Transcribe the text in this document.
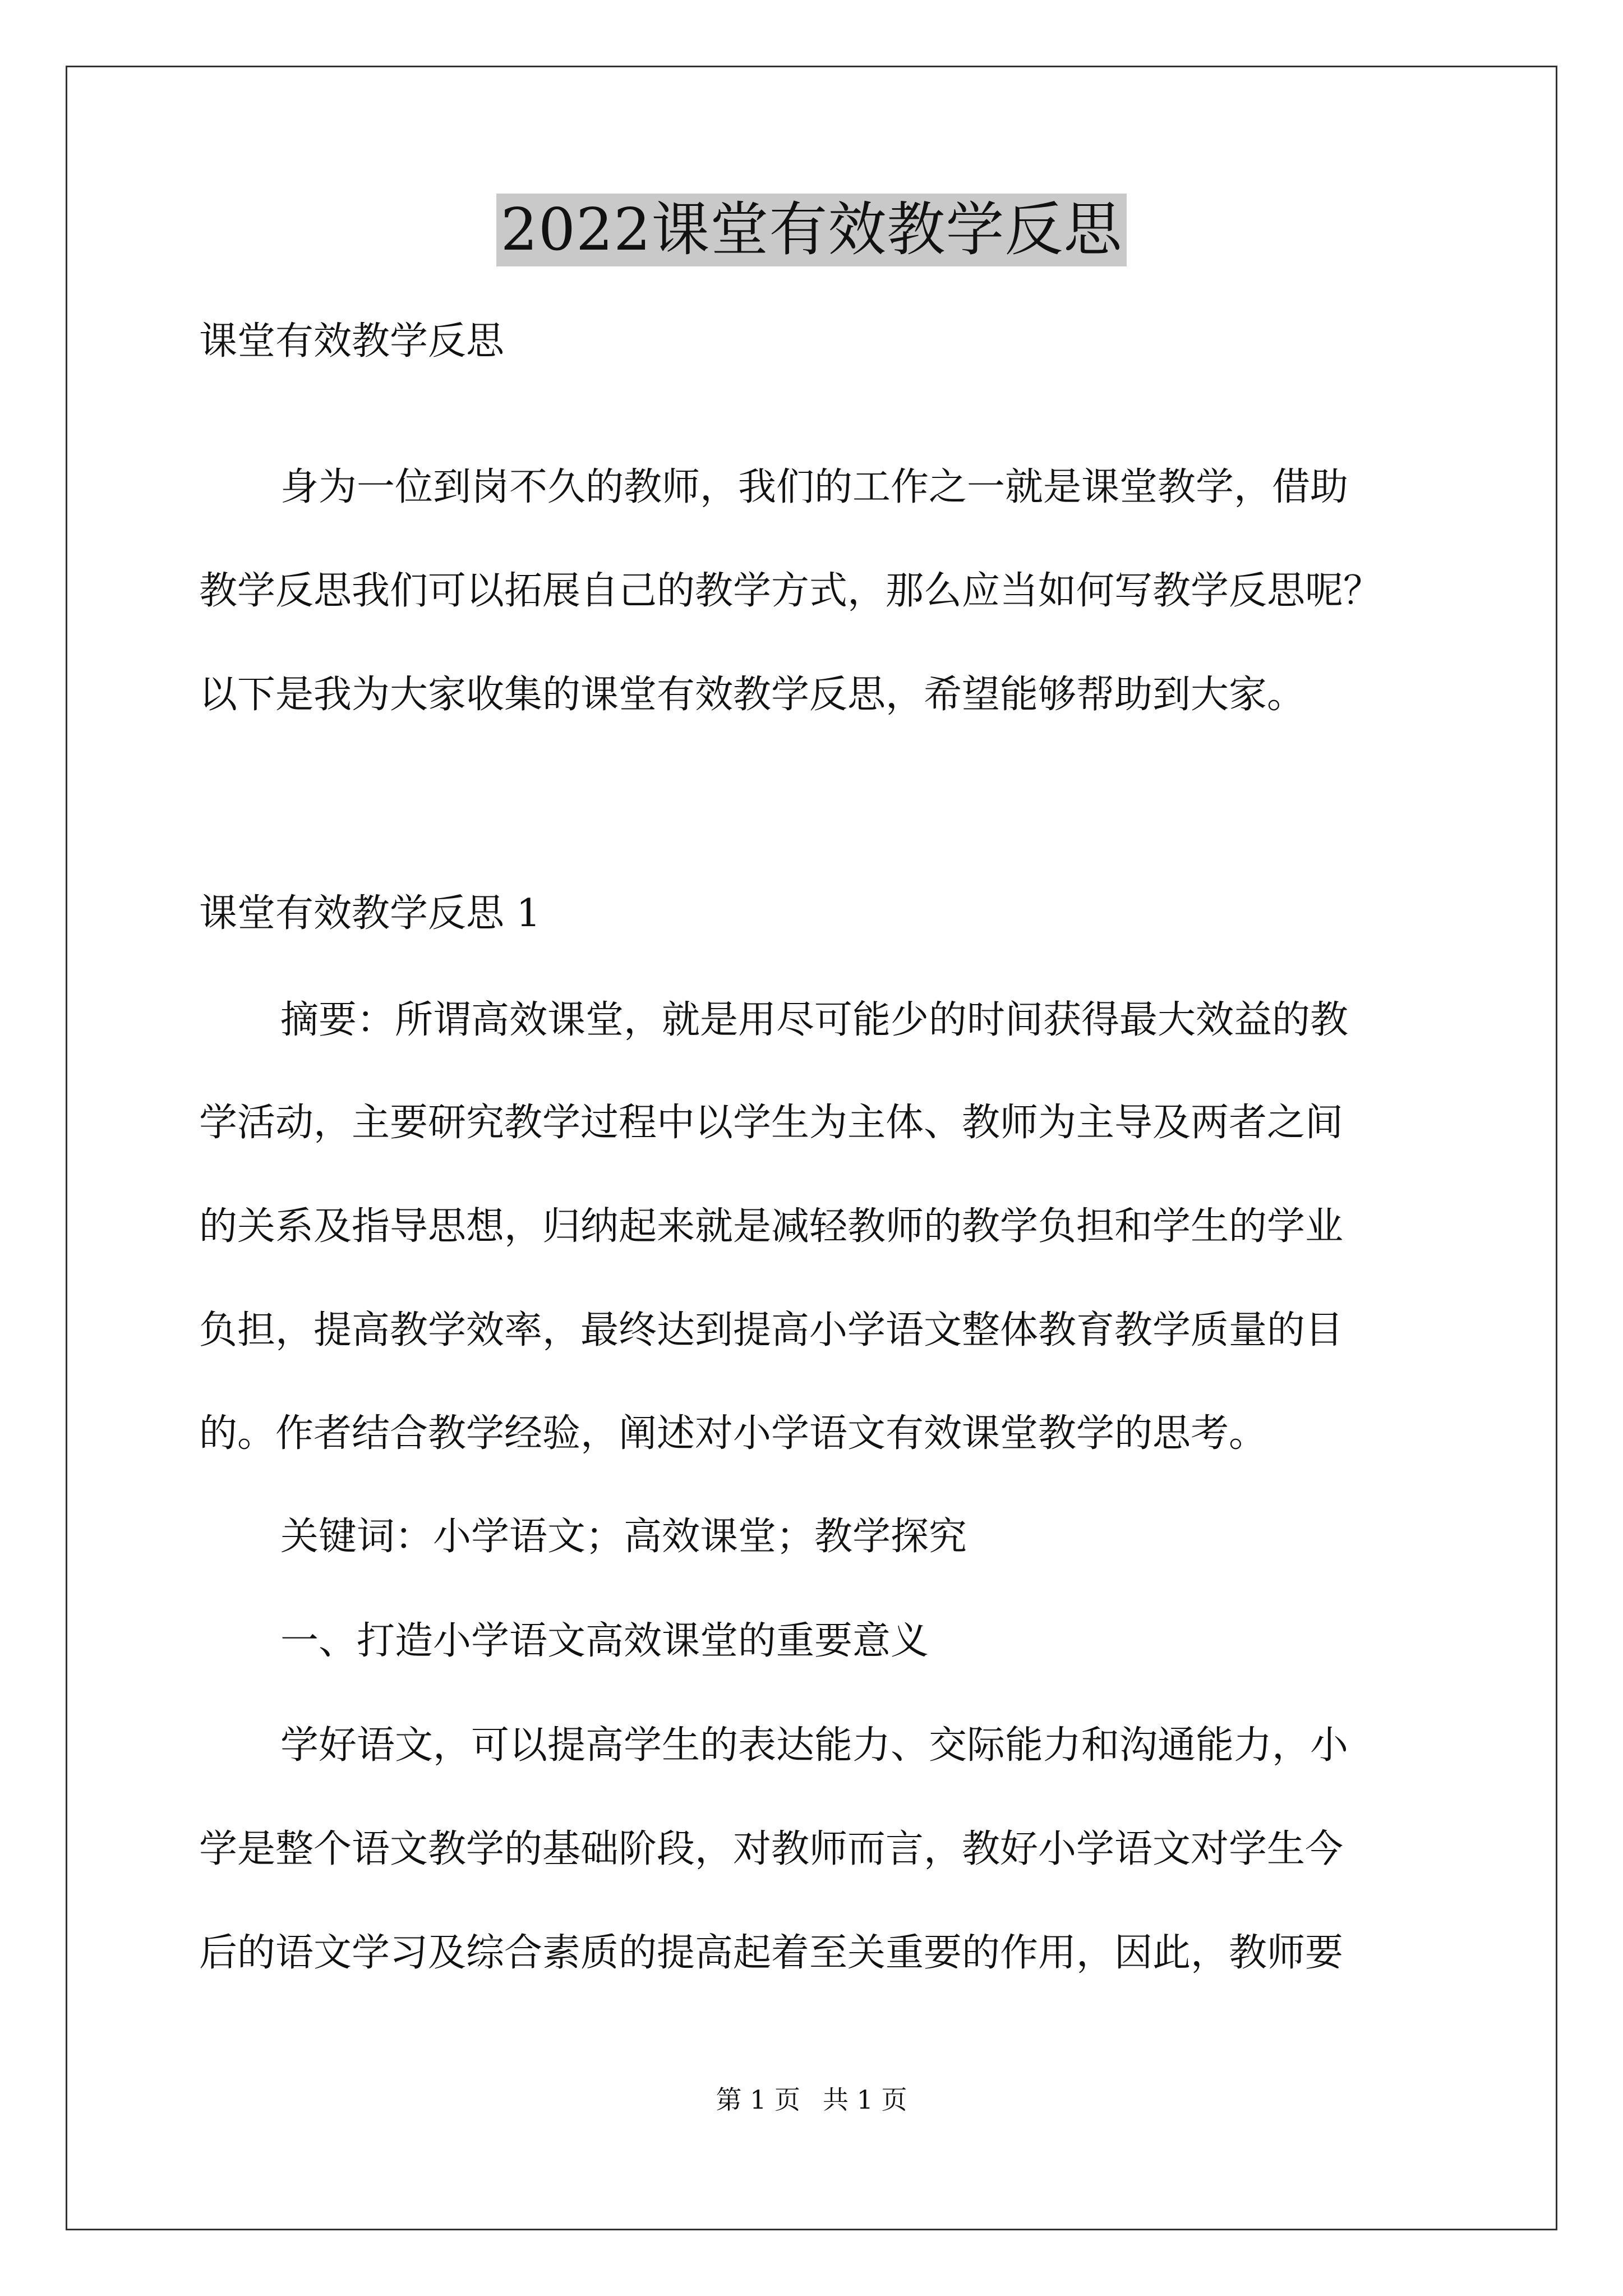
2022课堂有效教学反思

课堂有效教学反思

身为一位到岗不久的教师，我们的工作之一就是课堂教学，借助

教学反思我们可以拓展自己的教学方式，那么应当如何写教学反思呢？

以下是我为大家收集的课堂有效教学反思，希望能够帮助到大家。

课堂有效教学反思 1

摘要：所谓高效课堂，就是用尽可能少的时间获得最大效益的教

学活动，主要研究教学过程中以学生为主体、教师为主导及两者之间

的关系及指导思想，归纳起来就是减轻教师的教学负担和学生的学业

负担，提高教学效率，最终达到提高小学语文整体教育教学质量的目

的。作者结合教学经验，阐述对小学语文有效课堂教学的思考。

关键词：小学语文；高效课堂；教学探究

一、打造小学语文高效课堂的重要意义

学好语文，可以提高学生的表达能力、交际能力和沟通能力，小

学是整个语文教学的基础阶段，对教师而言，教好小学语文对学生今

后的语文学习及综合素质的提高起着至关重要的作用，因此，教师要

第 1 页 共 1 页
